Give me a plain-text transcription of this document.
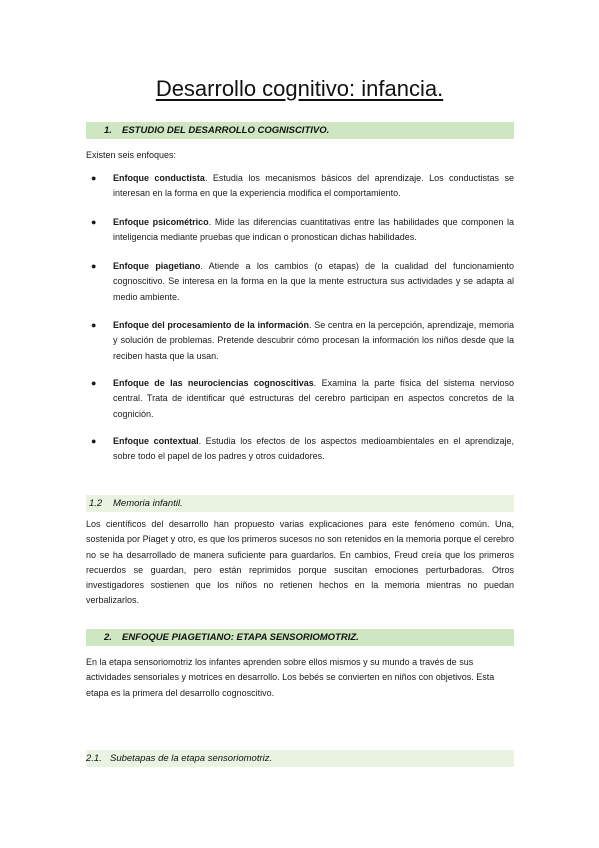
Desarrollo cognitivo: infancia.
1. ESTUDIO DEL DESARROLLO COGNISCITIVO.
Existen seis enfoques:
● Enfoque conductista. Estudia los mecanismos básicos del aprendizaje. Los conductistas se interesan en la forma en que la experiencia modifica el comportamiento.
● Enfoque psicométrico. Mide las diferencias cuantitativas entre las habilidades que componen la inteligencia mediante pruebas que indican o pronostican dichas habilidades.
● Enfoque piagetiano. Atiende a los cambios (o etapas) de la cualidad del funcionamiento cognoscitivo. Se interesa en la forma en la que la mente estructura sus actividades y se adapta al medio ambiente.
● Enfoque del procesamiento de la información. Se centra en la percepción, aprendizaje, memoria y solución de problemas. Pretende descubrir cómo procesan la información los niños desde que la reciben hasta que la usan.
● Enfoque de las neurociencias cognoscitivas. Examina la parte física del sistema nervioso central. Trata de identificar qué estructuras del cerebro participan en aspectos concretos de la cognición.
● Enfoque contextual. Estudia los efectos de los aspectos medioambientales en el aprendizaje, sobre todo el papel de los padres y otros cuidadores.
1.2 Memoria infantil.
Los científicos del desarrollo han propuesto varias explicaciones para este fenómeno común. Una, sostenida por Piaget y otro, es que los primeros sucesos no son retenidos en la memoria porque el cerebro no se ha desarrollado de manera suficiente para guardarlos. En cambios, Freud creía que los primeros recuerdos se guardan, pero están reprimidos porque suscitan emociones perturbadoras. Otros investigadores sostienen que los niños no retienen hechos en la memoria mientras no puedan verbalizarlos.
2. ENFOQUE PIAGETIANO: ETAPA SENSORIOMOTRIZ.
En la etapa sensoriomotriz los infantes aprenden sobre ellos mismos y su mundo a través de sus actividades sensoriales y motrices en desarrollo. Los bebés se convierten en niños con objetivos. Esta etapa es la primera del desarrollo cognoscitivo.
2.1. Subetapas de la etapa sensoriomotriz.
